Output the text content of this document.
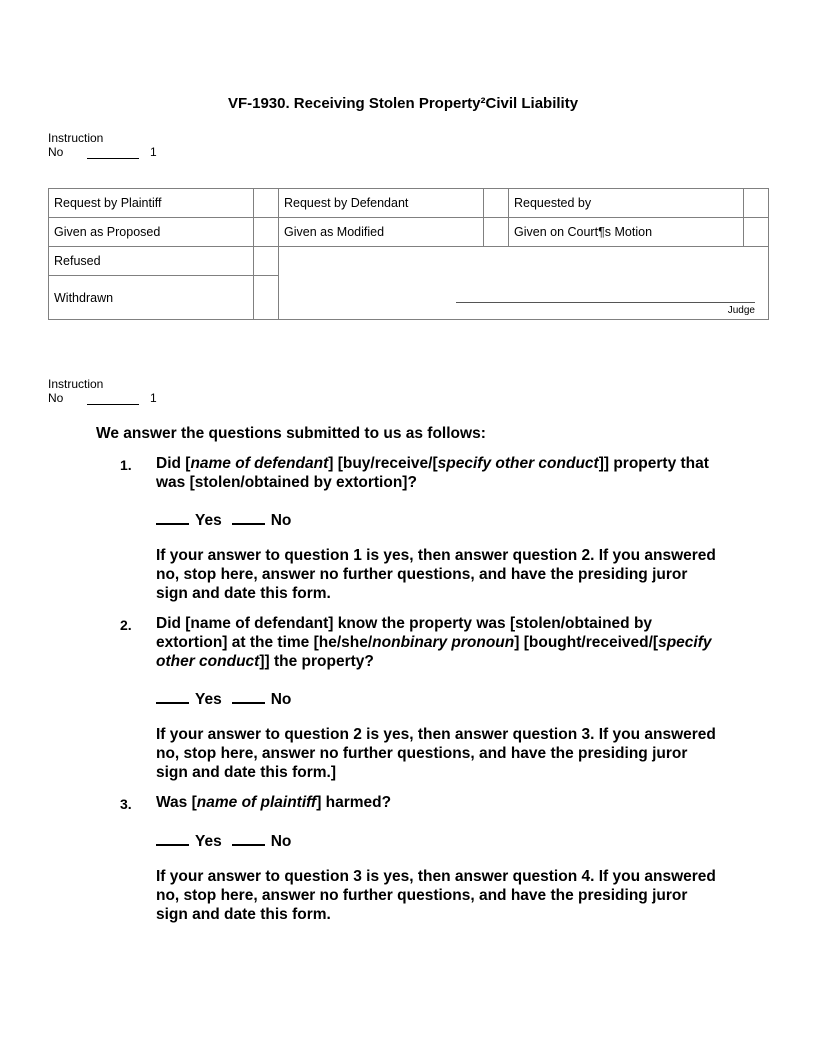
VF-1930. Receiving Stolen Property²Civil Liability
Instruction
No	1
Request by Plaintiff		Request by Defendant		Requested by	
Given as Proposed		Given as Modified		Given on Court¶s Motion	
Refused		Judge			

Withdrawn					
Instruction
No	1
We answer the questions submitted to us as follows:
1. Did [name of defendant] [buy/receive/[specify other conduct]] property that was [stolen/obtained by extortion]?
Yes	No
If your answer to question 1 is yes, then answer question 2. If you answered no, stop here, answer no further questions, and have the presiding juror sign and date this form.
2. Did [name of defendant] know the property was [stolen/obtained by extortion] at the time [he/she/nonbinary pronoun] [bought/received/[specify other conduct]] the property?
Yes	No
If your answer to question 2 is yes, then answer question 3. If you answered no, stop here, answer no further questions, and have the presiding juror sign and date this form.]
3. Was [name of plaintiff] harmed?
Yes	No
If your answer to question 3 is yes, then answer question 4. If you answered no, stop here, answer no further questions, and have the presiding juror sign and date this form.
